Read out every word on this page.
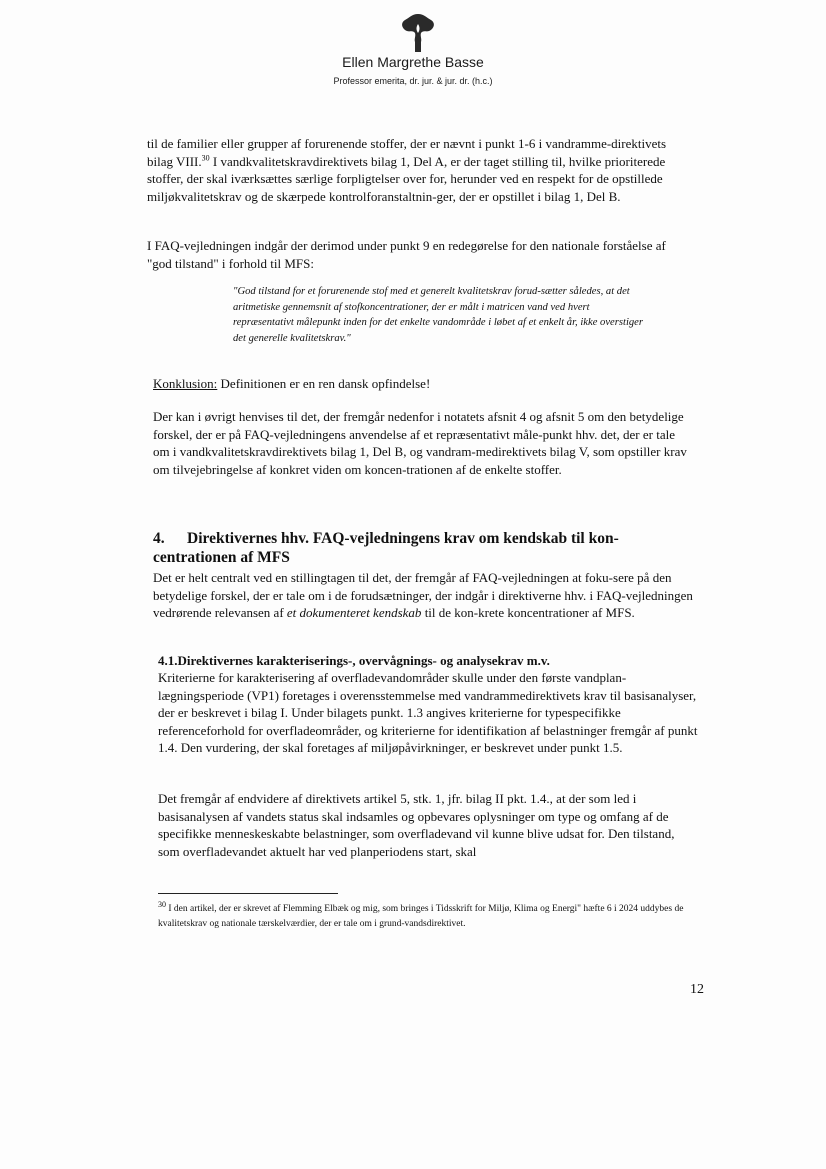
Ellen Margrethe Basse
Professor emerita, dr. jur. & jur. dr. (h.c.)
til de familier eller grupper af forurenende stoffer, der er nævnt i punkt 1-6 i vandramme-direktivets bilag VIII.$^{30}$ I vandkvalitetskravdirektivets bilag 1, Del A, er der taget stilling til, hvilke prioriterede stoffer, der skal iværksættes særlige forpligtelser over for, herunder ved en respekt for de opstillede miljøkvalitetskrav og de skærpede kontrolforanstaltnin-ger, der er opstillet i bilag 1, Del B.
I FAQ-vejledningen indgår der derimod under punkt 9 en redegørelse for den nationale forståelse af "god tilstand" i forhold til MFS:
"God tilstand for et forurenende stof med et generelt kvalitetskrav forud-sætter således, at det aritmetiske gennemsnit af stofkoncentrationer, der er målt i matricen vand ved hvert repræsentativt målepunkt inden for det enkelte vandområde i løbet af et enkelt år, ikke overstiger det generelle kvalitetskrav."
Konklusion: Definitionen er en ren dansk opfindelse!
Der kan i øvrigt henvises til det, der fremgår nedenfor i notatets afsnit 4 og afsnit 5 om den betydelige forskel, der er på FAQ-vejledningens anvendelse af et repræsentativt måle-punkt hhv. det, der er tale om i vandkvalitetskravdirektivets bilag 1, Del B, og vandram-medirektivets bilag V, som opstiller krav om tilvejebringelse af konkret viden om koncen-trationen af de enkelte stoffer.
4. Direktivernes hhv. FAQ-vejledningens krav om kendskab til kon-centrationen af MFS
Det er helt centralt ved en stillingtagen til det, der fremgår af FAQ-vejledningen at foku-sere på den betydelige forskel, der er tale om i de forudsætninger, der indgår i direktiverne hhv. i FAQ-vejledningen vedrørende relevansen af et dokumenteret kendskab til de kon-krete koncentrationer af MFS.
4.1.Direktivernes karakteriserings-, overvågnings- og analysekrav m.v.
Kriterierne for karakterisering af overfladevandområder skulle under den første vandplan-lægningsperiode (VP1) foretages i overensstemmelse med vandrammedirektivets krav til basisanalyser, der er beskrevet i bilag I. Under bilagets punkt. 1.3 angives kriterierne for typespecifikke referenceforhold for overfladeområder, og kriterierne for identifikation af belastninger fremgår af punkt 1.4. Den vurdering, der skal foretages af miljøpåvirkninger, er beskrevet under punkt 1.5.
Det fremgår af endvidere af direktivets artikel 5, stk. 1, jfr. bilag II pkt. 1.4., at der som led i basisanalysen af vandets status skal indsamles og opbevares oplysninger om type og omfang af de specifikke menneskeskabte belastninger, som overfladevand vil kunne blive udsat for. Den tilstand, som overfladevandet aktuelt har ved planperiodens start, skal
$^{30}$ I den artikel, der er skrevet af Flemming Elbæk og mig, som bringes i Tidsskrift for Miljø, Klima og Energi" hæfte 6 i 2024 uddybes de kvalitetskrav og nationale tærskelværdier, der er tale om i grund-vandsdirektivet.
12
